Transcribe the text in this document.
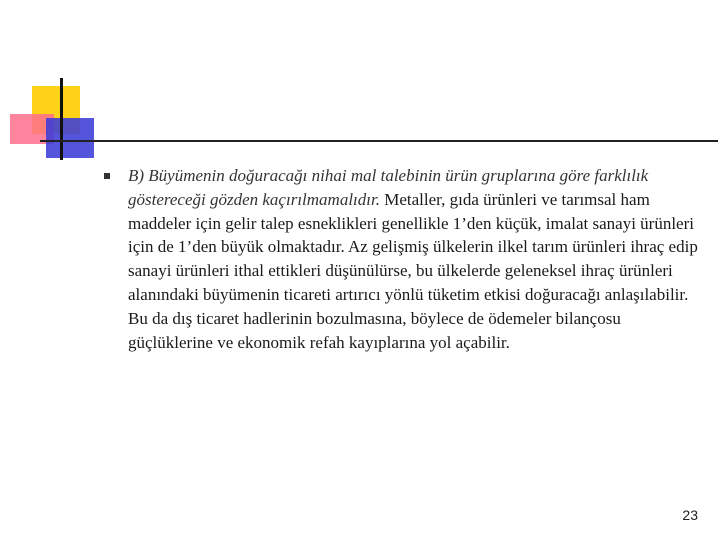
B) Büyümenin doğuracağı nihai mal talebinin ürün gruplarına göre farklılık göstereceği gözden kaçırılmamalıdır. Metaller, gıda ürünleri ve tarımsal ham maddeler için gelir talep esneklikleri genellikle 1’den küçük, imalat sanayi ürünleri için de 1’den büyük olmaktadır. Az gelişmiş ülkelerin ilkel tarım ürünleri ihraç edip sanayi ürünleri ithal ettikleri düşünülürse, bu ülkelerde geleneksel ihraç ürünleri alanındaki büyümenin ticareti artırıcı yönlü tüketim etkisi doğuracağı anlaşılabilir. Bu da dış ticaret hadlerinin bozulmasına, böylece de ödemeler bilançosu güçlüklerine ve ekonomik refah kayıplarına yol açabilir.
23
